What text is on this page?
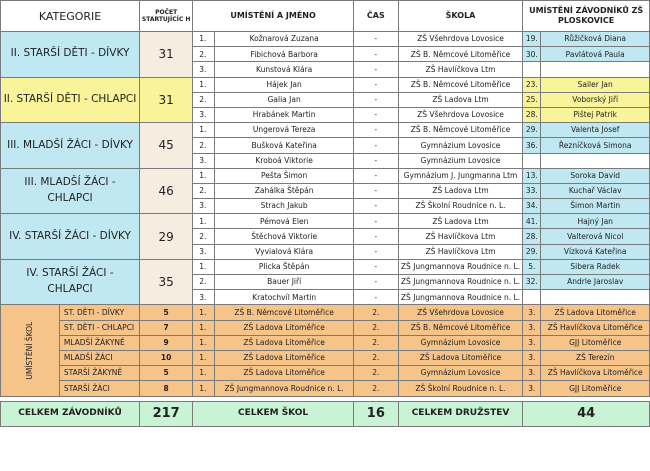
KATEGORIE		POČET STARTUJÍCÍC H	UMÍSTĚNÍ A JMÉNO		ČAS	ŠKOLA	UMÍSTĚNÍ ZÁVODNÍKŮ ZŠ PLOSKOVICE	
II. STARŠÍ DĚTI - DÍVKY		31	1.	Kožnarová Zuzana	-	ZŠ Všehrdova Lovosice	19.	Růžičková Diana
			2.	Fibichová Barbora	-	ZŠ B. Němcové Litoměřice	30.	Pavlátová Paula
			3.	Kunstová Klára	-	ZŠ Havlíčkova Ltm		
II. STARŠÍ DĚTI - CHLAPCI		31	1.	Hájek Jan	-	ZŠ B. Němcové Litoměřice	23.	Sailer Jan
			2.	Galia Jan	-	ZŠ Ladova Ltm	25.	Voborský Jiří
			3.	Hrabánek Martin	-	ZŠ Všehrdova Lovosice	28.	Pištej Patrik
III. MLADŠÍ ŽÁCI - DÍVKY		45	1.	Ungerová Tereza	-	ZŠ B. Němcové Litoměřice	29.	Valenta Josef
			2.	Bušková Kateřina	-	Gymnázium Lovosice	36.	Řezníčková Simona
			3.	Kroboá Viktorie	-	Gymnázium Lovosice		
III. MLADŠÍ ŽÁCI - CHLAPCI		46	1.	Pešta Šimon	-	Gymnázium J. Jungmanna Ltm	13.	Soroka David
			2.	Zahálka Štěpán	-	ZŠ Ladova Ltm	33.	Kuchař Václav
			3.	Strach Jakub	-	ZŠ Školní Roudnice n. L.	34.	Šimon Martin
IV. STARŠÍ ŽÁCI - DÍVKY		29	1.	Pémová Elen	-	ZŠ Ladova Ltm	41.	Hajný Jan
			2.	Štěchová Viktorie	-	ZŠ Havlíčkova Ltm	28.	Valterová Nicol
			3.	Vyvialová Klára	-	ZŠ Havlíčkova Ltm	29.	Vízková Kateřina
IV. STARŠÍ ŽÁCI - CHLAPCI		35	1.	Plicka Štěpán	-	ZŠ Jungmannova Roudnice n. L.	5.	Sibera Radek
			2.	Bauer Jiří	-	ZŠ Jungmannova Roudnice n. L.	32.	Andrle Jaroslav
			3.	Kratochvíl Martin	-	ZŠ Jungmannova Roudnice n. L.		
UMÍSTĚNÍ ŠKOL	ST. DĚTI - DÍVKY	5	1.	ZŠ B. Němcové Litoměřice	2.	ZŠ Všehrdova Lovosice	3.	ZŠ Ladova Litoměřice
	ST. DĚTI - CHLAPCI	7	1.	ZŠ Ladova Litoměřice	2.	ZŠ B. Němcové Litoměřice	3.	ZŠ Havlíčkova Litoměřice
	MLADŠÍ ŽÁKYNĚ	9	1.	ZŠ Ladova Litoměřice	2.	Gymnázium Lovosice	3.	GJJ Litoměřice
	MLADŠÍ ŽÁCI	10	1.	ZŠ Ladova Litoměřice	2.	ZŠ Ladova Litoměřice	3.	ZŠ Terezín
	STARŠÍ ŽÁKYNĚ	5	1.	ZŠ Ladova Litoměřice	2.	Gymnázium Lovosice	3.	ZŠ Havlíčkova Litoměřice
	STARŠÍ ŽÁCI	8	1.	ZŠ Jungmannova Roudnice n. L.	2.	ZŠ Školní Roudnice n. L.	3.	GJJ Litoměřice

CELKEM ZÁVODNÍKŮ		217	CELKEM ŠKOL		16	CELKEM DRUŽSTEV	44	
